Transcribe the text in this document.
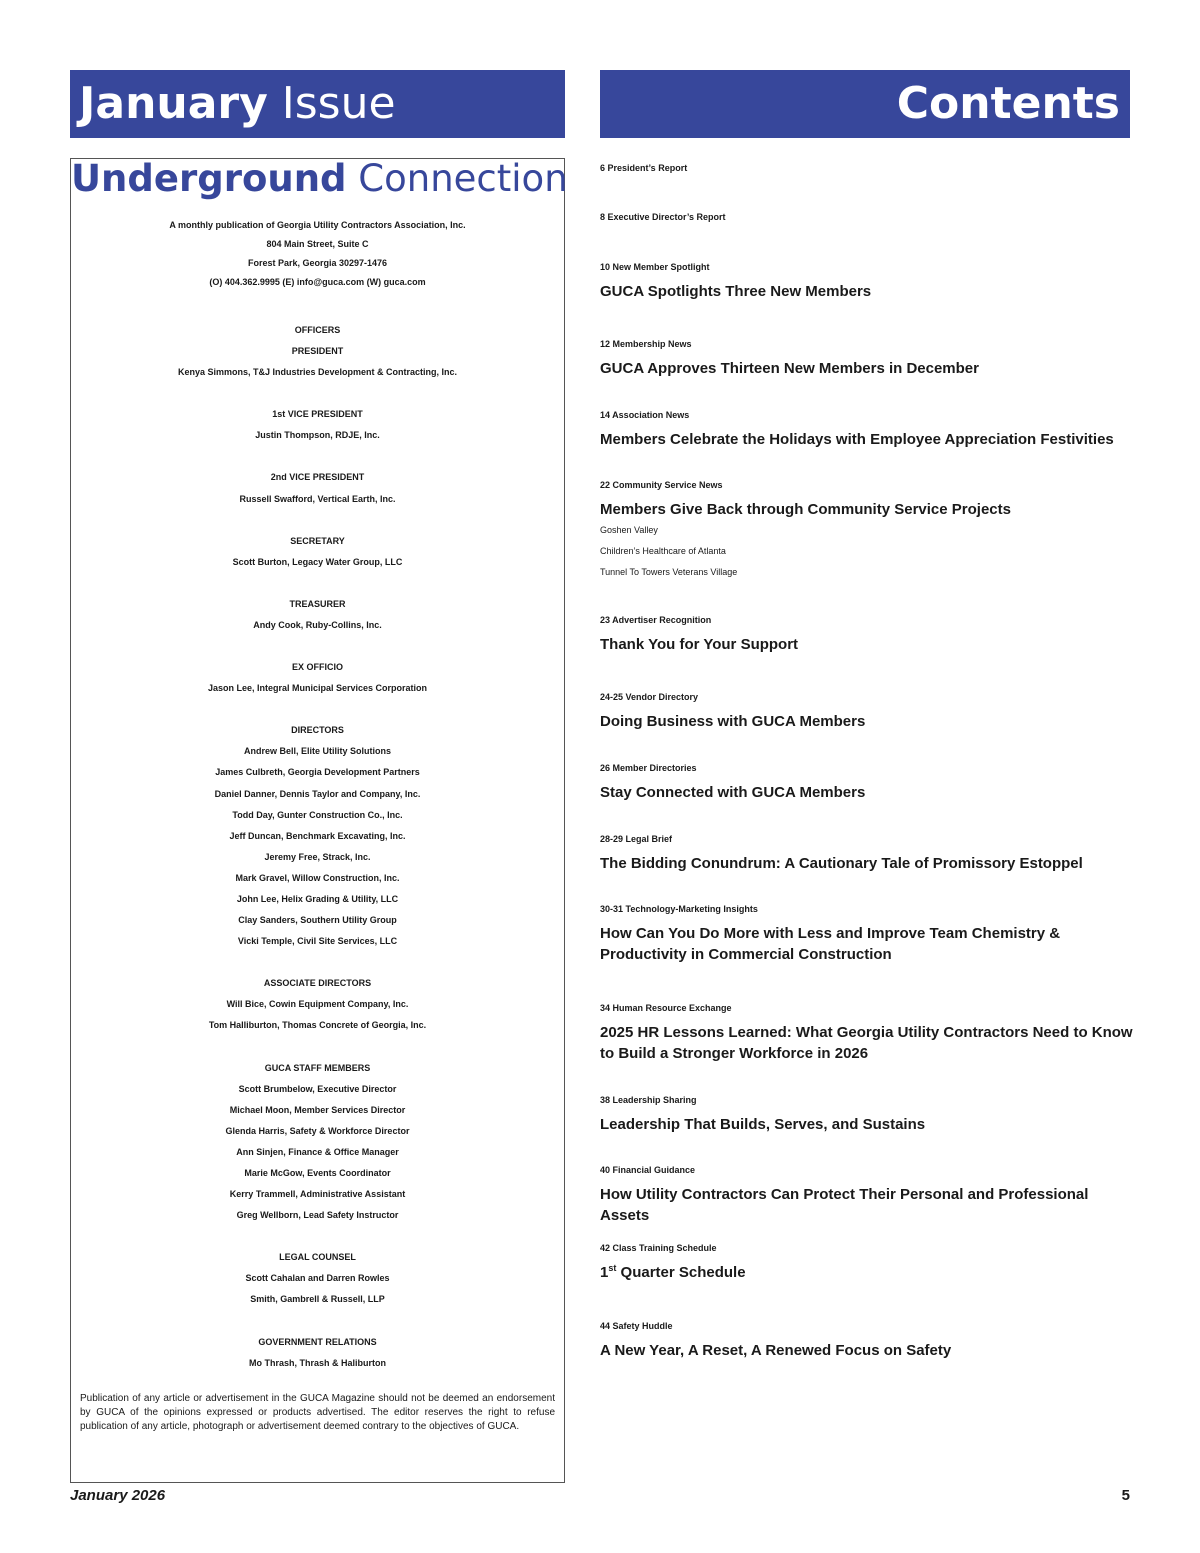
January Issue	Contents
Underground Connection
A monthly publication of Georgia Utility Contractors Association, Inc.
804 Main Street, Suite C
Forest Park, Georgia 30297-1476
(O) 404.362.9995 (E) info@guca.com (W) guca.com
OFFICERS
PRESIDENT
Kenya Simmons, T&J Industries Development & Contracting, Inc.
1st VICE PRESIDENT
Justin Thompson, RDJE, Inc.
2nd VICE PRESIDENT
Russell Swafford, Vertical Earth, Inc.
SECRETARY
Scott Burton, Legacy Water Group, LLC
TREASURER
Andy Cook, Ruby-Collins, Inc.
EX OFFICIO
Jason Lee, Integral Municipal Services Corporation
DIRECTORS
Andrew Bell, Elite Utility Solutions
James Culbreth, Georgia Development Partners
Daniel Danner, Dennis Taylor and Company, Inc.
Todd Day, Gunter Construction Co., Inc.
Jeff Duncan, Benchmark Excavating, Inc.
Jeremy Free, Strack, Inc.
Mark Gravel, Willow Construction, Inc.
John Lee, Helix Grading & Utility, LLC
Clay Sanders, Southern Utility Group
Vicki Temple, Civil Site Services, LLC
ASSOCIATE DIRECTORS
Will Bice, Cowin Equipment Company, Inc.
Tom Halliburton, Thomas Concrete of Georgia, Inc.
GUCA STAFF MEMBERS
Scott Brumbelow, Executive Director
Michael Moon, Member Services Director
Glenda Harris, Safety & Workforce Director
Ann Sinjen, Finance & Office Manager
Marie McGow, Events Coordinator
Kerry Trammell, Administrative Assistant
Greg Wellborn, Lead Safety Instructor
LEGAL COUNSEL
Scott Cahalan and Darren Rowles
Smith, Gambrell & Russell, LLP
GOVERNMENT RELATIONS
Mo Thrash, Thrash & Haliburton
Publication of any article or advertisement in the GUCA Magazine should not be deemed an endorsement by GUCA of the opinions expressed or products advertised. The editor reserves the right to refuse publication of any article, photograph or advertisement deemed contrary to the objectives of GUCA.
6 President’s Report
8 Executive Director’s Report
10 New Member Spotlight
GUCA Spotlights Three New Members
12 Membership News
GUCA Approves Thirteen New Members in December
14 Association News
Members Celebrate the Holidays with Employee Appreciation Festivities
22 Community Service News
Members Give Back through Community Service Projects
Goshen Valley
Children’s Healthcare of Atlanta
Tunnel To Towers Veterans Village
23 Advertiser Recognition
Thank You for Your Support
24-25 Vendor Directory
Doing Business with GUCA Members
26 Member Directories
Stay Connected with GUCA Members
28-29 Legal Brief
The Bidding Conundrum: A Cautionary Tale of Promissory Estoppel
30-31 Technology-Marketing Insights
How Can You Do More with Less and Improve Team Chemistry & Productivity in Commercial Construction
34 Human Resource Exchange
2025 HR Lessons Learned: What Georgia Utility Contractors Need to Know to Build a Stronger Workforce in 2026
38 Leadership Sharing
Leadership That Builds, Serves, and Sustains
40 Financial Guidance
How Utility Contractors Can Protect Their Personal and Professional Assets
42 Class Training Schedule
1st Quarter Schedule
44 Safety Huddle
A New Year, A Reset, A Renewed Focus on Safety
January 2026	5
